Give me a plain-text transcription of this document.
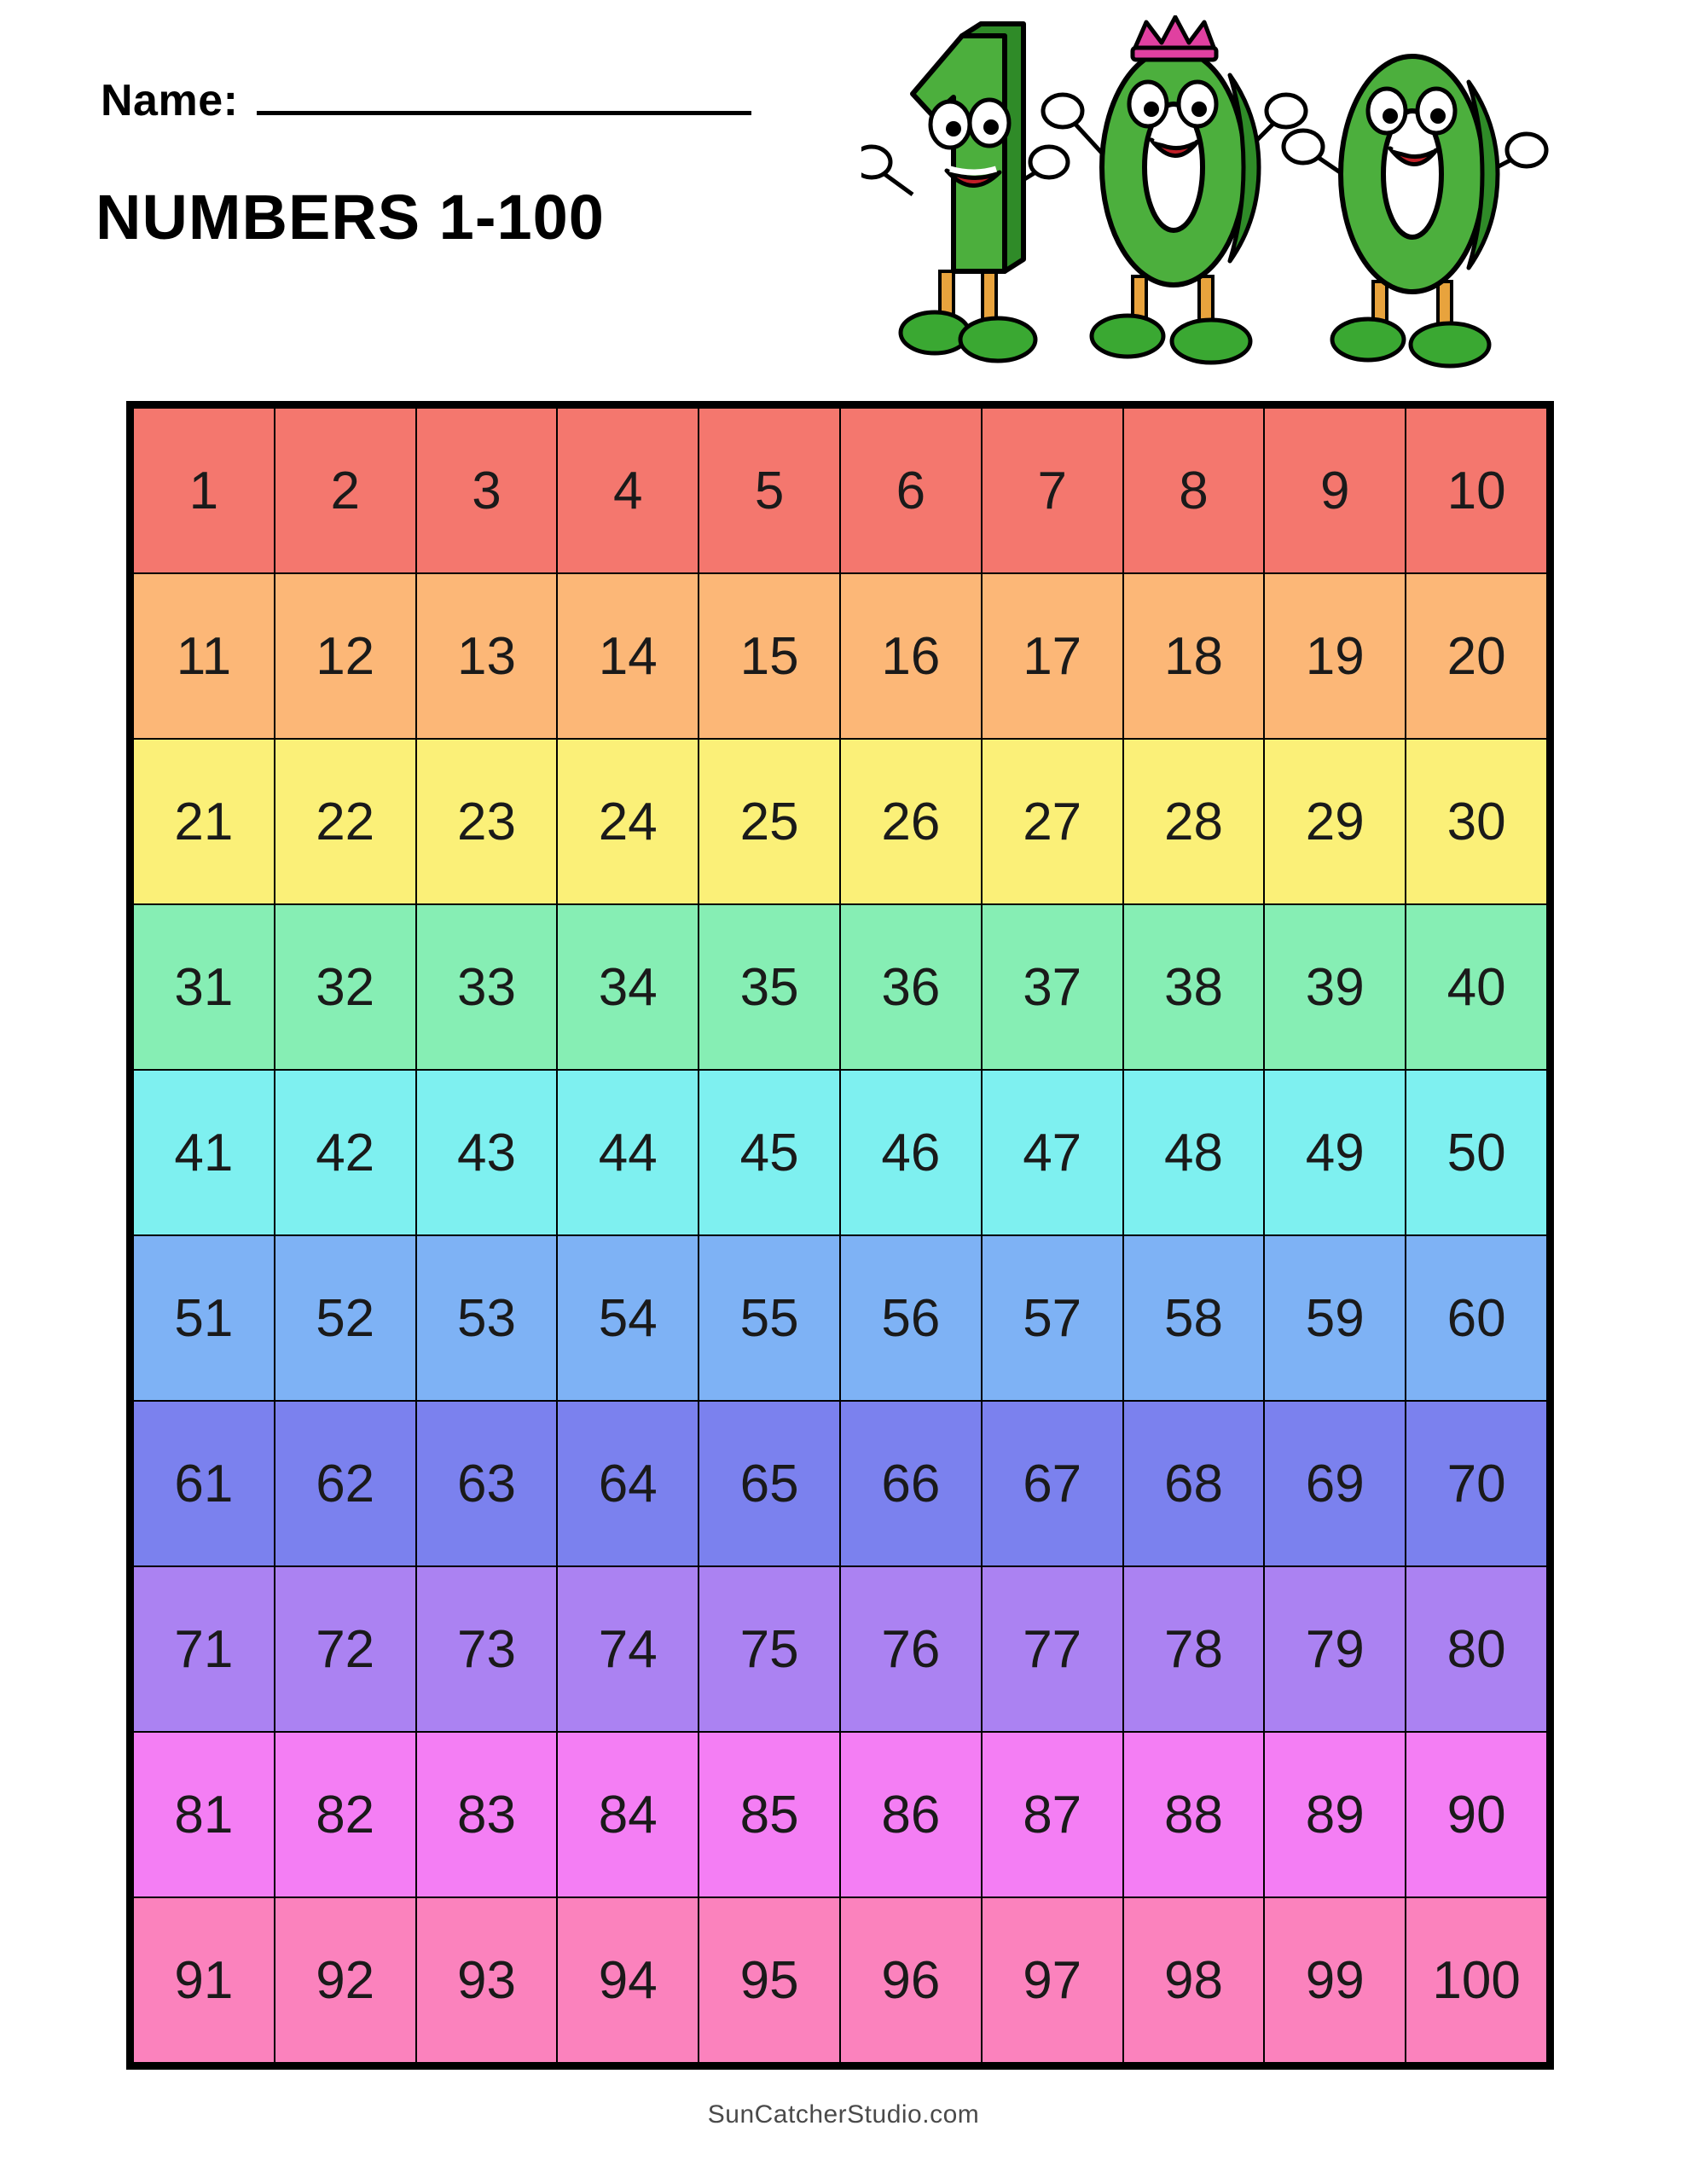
Name:
NUMBERS 1-100
1	2	3	4	5	6	7	8	9	10
11	12	13	14	15	16	17	18	19	20
21	22	23	24	25	26	27	28	29	30
31	32	33	34	35	36	37	38	39	40
41	42	43	44	45	46	47	48	49	50
51	52	53	54	55	56	57	58	59	60
61	62	63	64	65	66	67	68	69	70
71	72	73	74	75	76	77	78	79	80
81	82	83	84	85	86	87	88	89	90
91	92	93	94	95	96	97	98	99	100
SunCatcherStudio.com
